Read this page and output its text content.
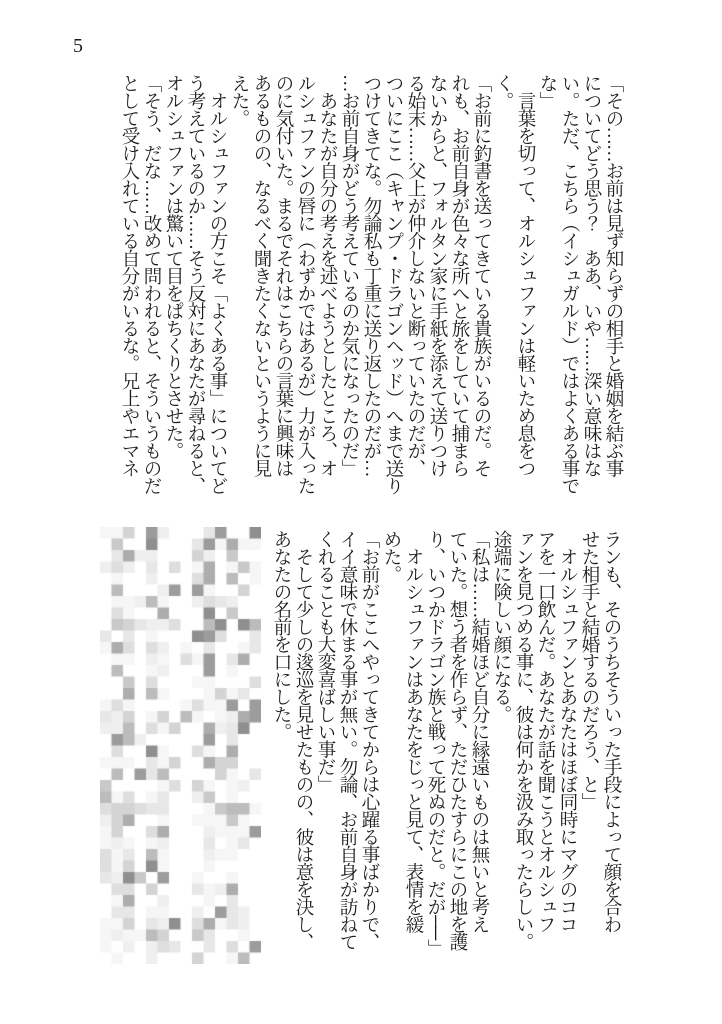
5
「その……お前は見ず知らずの相手と婚姻を結ぶ事
についてどう思う？　ああ、いや……深い意味はな
い。ただ、こちら（イシュガルド）ではよくある事で
な」
　言葉を切って、オルシュファンは軽いため息をつ
く。
「お前に釣書を送ってきている貴族がいるのだ。そ
れも、お前自身が色々な所へと旅をしていて捕まら
ないからと、フォルタン家に手紙を添えて送りつけ
る始末……父上が仲介しないと断っていたのだが、
ついにここ（キャンプ・ドラゴンヘッド）へまで送り
つけてきてな。勿論私も丁重に送り返したのだが…
…お前自身がどう考えているのか気になったのだ」
　あなたが自分の考えを述べようとしたところ、オ
ルシュファンの唇に（わずかではあるが）力が入った
のに気付いた。まるでそれはこちらの言葉に興味は
あるものの、なるべく聞きたくないというように見
えた。
　オルシュファンの方こそ「よくある事」についてど
う考えているのか……そう反対にあなたが尋ねると、
オルシュファンは驚いて目をぱちくりとさせた。
「そう、だな……改めて問われると、そういうものだ
として受け入れている自分がいるな。兄上やエマネ
ランも、そのうちそういった手段によって顔を合わ
せた相手と結婚するのだろう、と」
　オルシュファンとあなたはほぼ同時にマグのココ
アを一口飲んだ。あなたが話を聞こうとオルシュフ
ァンを見つめる事に、彼は何かを汲み取ったらしい。
途端に険しい顔になる。
「私は……結婚ほど自分に縁遠いものは無いと考え
ていた。想う者を作らず、ただひたすらにこの地を護
り、いつかドラゴン族と戦って死ぬのだと。だが──」
　オルシュファンはあなたをじっと見て、表情を緩
めた。
「お前がここへやってきてからは心躍る事ばかりで、
イイ意味で休まる事が無い。勿論、お前自身が訪ねて
くれることも大変喜ばしい事だ」
　そして少しの逡巡を見せたものの、彼は意を決し、
あなたの名前を口にした。
